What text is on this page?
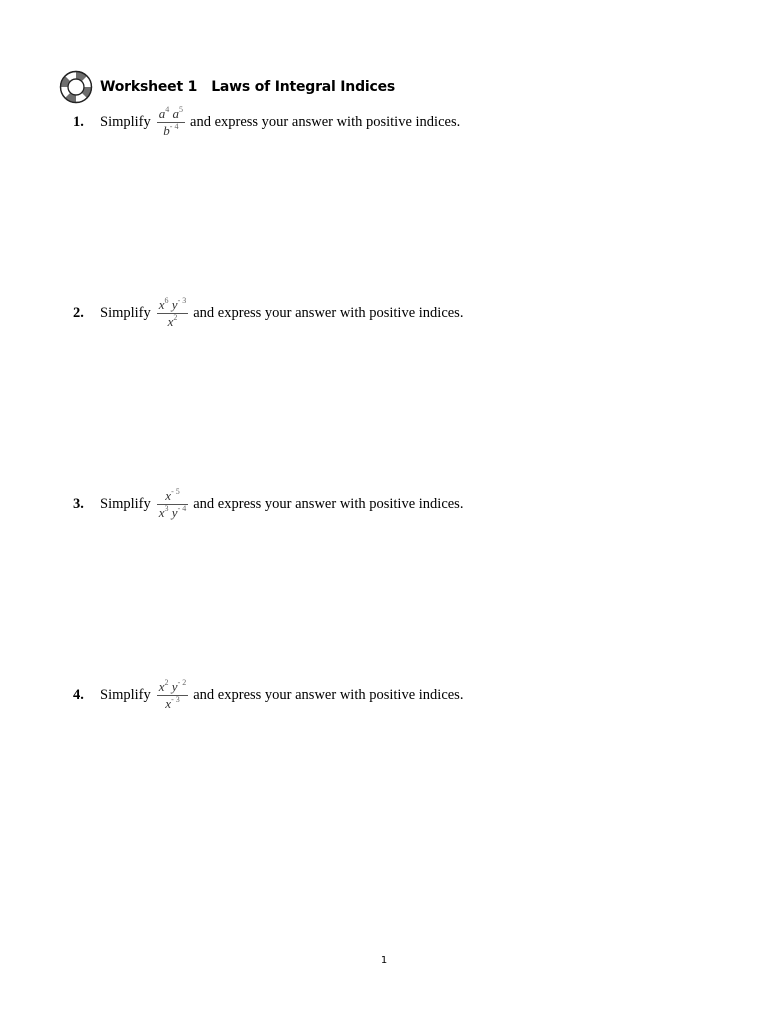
Worksheet 1   Laws of Integral Indices
1.	Simplify $\frac{a^4 a^5}{b^{- 4}}$ and express your answer with positive indices.
2.	Simplify $\frac{x^6 y^{- 3}}{x^2}$ and express your answer with positive indices.
3.	Simplify $\frac{x^{- 5}}{x^3 y^{- 4}}$ and express your answer with positive indices.
4.	Simplify $\frac{x^2 y^{- 2}}{x^{- 3}}$ and express your answer with positive indices.
1
